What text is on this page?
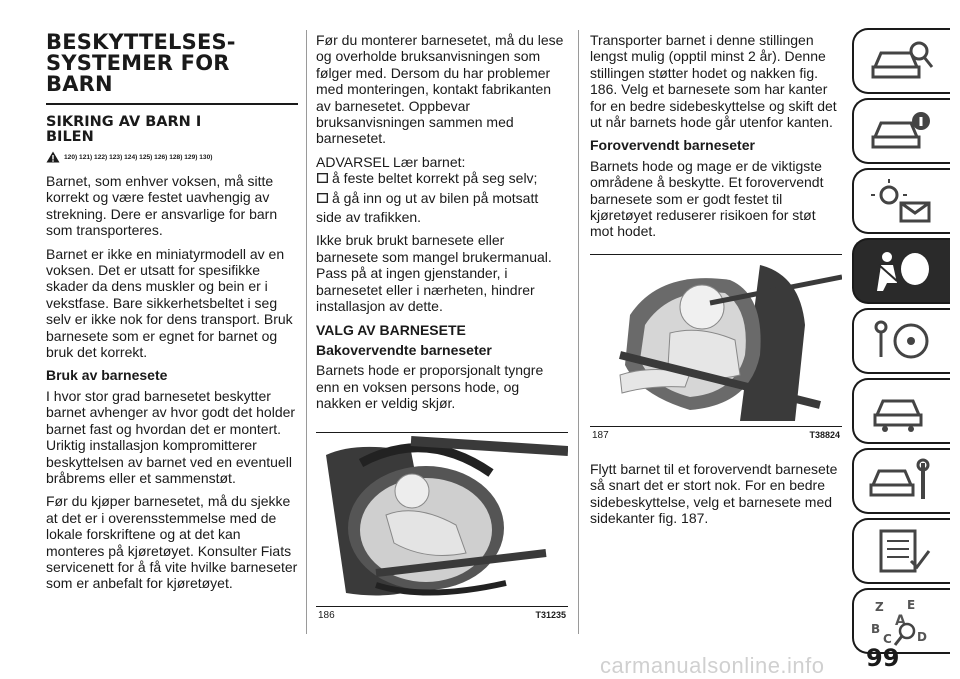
BESKYTTELSES-
SYSTEMER FOR
BARN
SIKRING AV BARN I
BILEN
120) 121) 122) 123) 124) 125) 126) 128) 129) 130)

Barnet, som enhver voksen, må sitte korrekt og være festet uavhengig av strekning. Dere er ansvarlige for barn som transporteres.

Barnet er ikke en miniatyrmodell av en voksen. Det er utsatt for spesifikke skader da dens muskler og bein er i vekstfase. Bare sikkerhetsbeltet i seg selv er ikke nok for dens transport. Bruk barnesete som er egnet for barnet og bruk det korrekt.

Bruk av barnesete

I hvor stor grad barnesetet beskytter barnet avhenger av hvor godt det holder barnet fast og hvordan det er montert. Uriktig installasjon kompromitterer beskyttelsen av barnet ved en eventuell bråbrems eller et sammenstøt.

Før du kjøper barnesetet, må du sjekke at det er i overensstemmelse med de lokale forskriftene og at det kan monteres på kjøretøyet. Konsulter Fiats servicenett for å få vite hvilke barneseter som er anbefalt for kjøretøyet.

Før du monterer barnesetet, må du lese og overholde bruksanvisningen som følger med. Dersom du har problemer med monteringen, kontakt fabrikanten av barnesetet. Oppbevar bruksanvisningen sammen med barnesetet.

ADVARSEL Lær barnet:

å feste beltet korrekt på seg selv;
å gå inn og ut av bilen på motsatt
side av trafikken.

Ikke bruk brukt barnesete eller barnesete som mangel brukermanual. Pass på at ingen gjenstander, i barnesetet eller i nærheten, hindrer installasjon av dette.

VALG AV BARNESETE
Bakovervendte barneseter

Barnets hode er proporsjonalt tyngre enn en voksen persons hode, og nakken er veldig skjør.

186	T31235

Transporter barnet i denne stillingen lengst mulig (opptil minst 2 år). Denne stillingen støtter hodet og nakken fig. 186. Velg et barnesete som har kanter for en bedre sidebeskyttelse og skift det ut når barnets hode går utenfor kanten.

Forovervendt barneseter

Barnets hode og mage er de viktigste områdene å beskytte. Et forovervendt barnesete som er godt festet til kjøretøyet reduserer risikoen for støt mot hodet.

187	T38824

Flytt barnet til et forovervendt barnesete så snart det er stort nok. For en bedre sidebeskyttelse, velg et barnesete med sidekanter fig. 187.

Z E
A
B
C D
99
carmanualsonline.info
